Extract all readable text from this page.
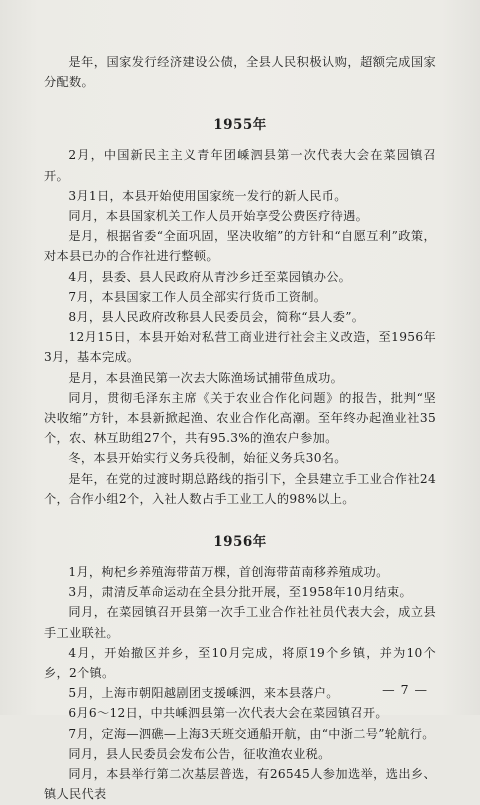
是年，国家发行经济建设公债，全县人民积极认购，超额完成国家分配数。

1955年

2月，中国新民主主义青年团嵊泗县第一次代表大会在菜园镇召开。

3月1日，本县开始使用国家统一发行的新人民币。

同月，本县国家机关工作人员开始享受公费医疗待遇。

是月，根据省委“全面巩固，坚决收缩”的方针和“自愿互利”政策，对本县已办的合作社进行整顿。

4月，县委、县人民政府从青沙乡迁至菜园镇办公。

7月，本县国家工作人员全部实行货币工资制。

8月，县人民政府改称县人民委员会，简称“县人委”。

12月15日，本县开始对私营工商业进行社会主义改造，至1956年3月，基本完成。

是月，本县渔民第一次去大陈渔场试捕带鱼成功。

同月，贯彻毛泽东主席《关于农业合作化问题》的报告，批判“坚决收缩”方针，本县新掀起渔、农业合作化高潮。至年终办起渔业社35个，农、林互助组27个，共有95.3%的渔农户参加。

冬，本县开始实行义务兵役制，始征义务兵30名。

是年，在党的过渡时期总路线的指引下，全县建立手工业合作社24个，合作小组2个，入社人数占手工业工人的98%以上。

1956年

1月，枸杞乡养殖海带苗万棵，首创海带苗南移养殖成功。

3月，肃清反革命运动在全县分批开展，至1958年10月结束。

同月，在菜园镇召开县第一次手工业合作社社员代表大会，成立县手工业联社。

4月，开始撤区并乡，至10月完成，将原19个乡镇，并为10个乡，2个镇。

5月，上海市朝阳越剧团支援嵊泗，来本县落户。

6月6～12日，中共嵊泗县第一次代表大会在菜园镇召开。

7月，定海—泗礁—上海3天班交通船开航，由“中浙二号”轮航行。

同月，县人民委员会发布公告，征收渔农业税。

同月，本县举行第二次基层普选，有26545人参加选举，选出乡、镇人民代表

— 7 —
